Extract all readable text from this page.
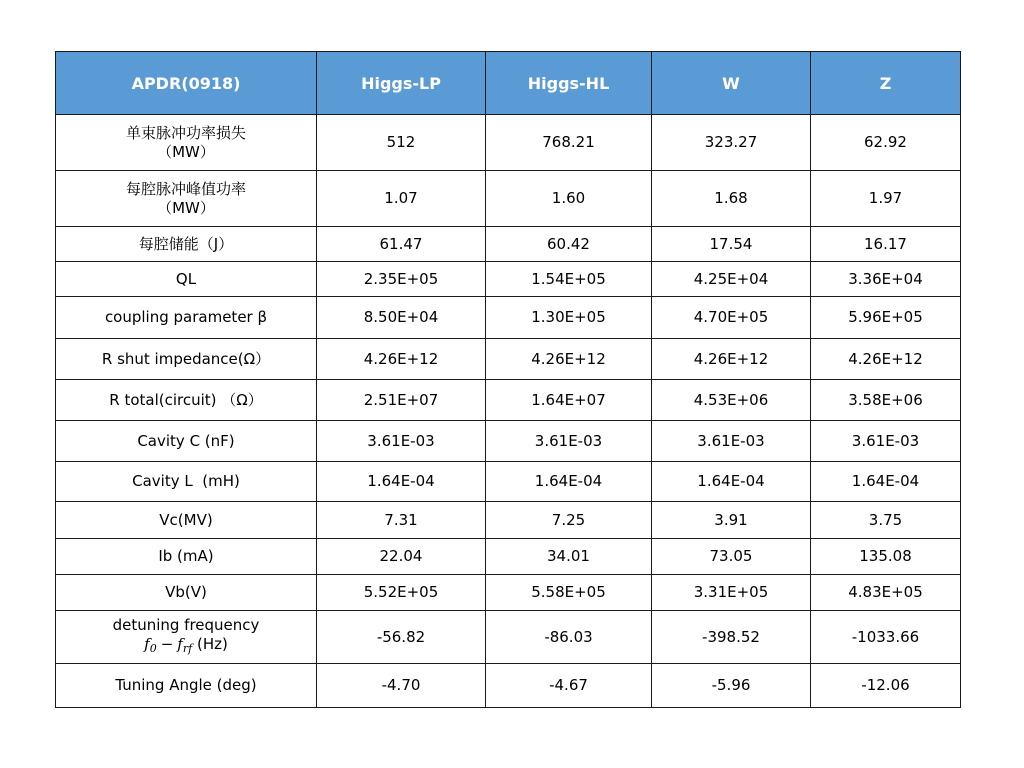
APDR(0918)	Higgs-LP	Higgs-HL	W	Z

单束脉冲功率损失
（MW）	512	768.21	323.27	62.92

每腔脉冲峰值功率
（MW）	1.07	1.60	1.68	1.97
每腔储能（J）	61.47	60.42	17.54	16.17
QL	2.35E+05	1.54E+05	4.25E+04	3.36E+04
coupling parameter β	8.50E+04	1.30E+05	4.70E+05	5.96E+05
R shut impedance(Ω）	4.26E+12	4.26E+12	4.26E+12	4.26E+12
R total(circuit) （Ω）	2.51E+07	1.64E+07	4.53E+06	3.58E+06
Cavity C (nF)	3.61E-03	3.61E-03	3.61E-03	3.61E-03
Cavity L  (mH)	1.64E-04	1.64E-04	1.64E-04	1.64E-04
Vc(MV)	7.31	7.25	3.91	3.75
Ib (mA)	22.04	34.01	73.05	135.08
Vb(V)	5.52E+05	5.58E+05	3.31E+05	4.83E+05

detuning frequency
$f_0 - f_{rf}$ (Hz)	-56.82	-86.03	-398.52	-1033.66
Tuning Angle (deg)	-4.70	-4.67	-5.96	-12.06
